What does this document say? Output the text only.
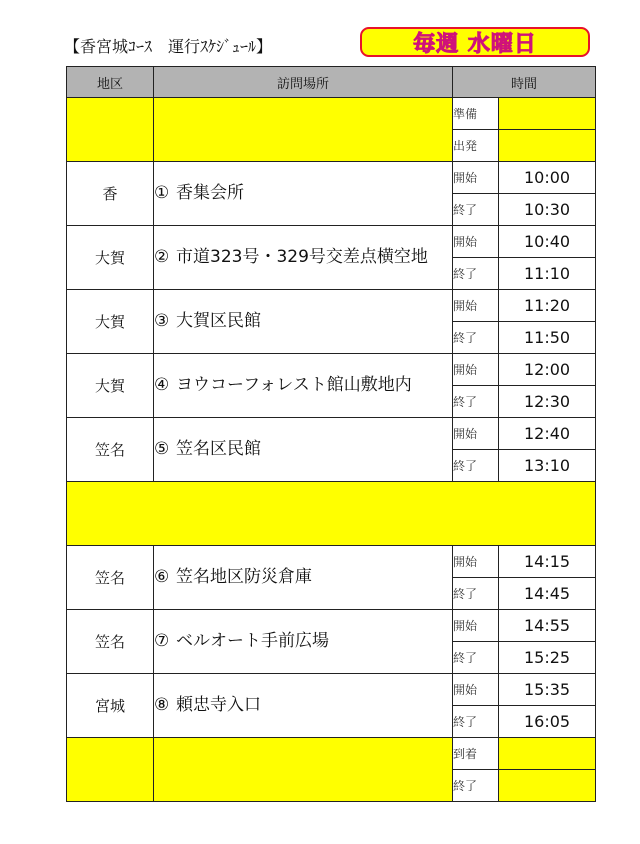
【香宮城ｺｰｽ　運行ｽｹｼﾞｭｰﾙ】	毎週 水曜日
地区	訪問場所	時間	
		準備	
		出発	
香	① 香集会所	開始	10:00
		終了	10:30
大賀	② 市道323号・329号交差点横空地	開始	10:40
		終了	11:10
大賀	③ 大賀区民館	開始	11:20
		終了	11:50
大賀	④ ヨウコーフォレスト館山敷地内	開始	12:00
		終了	12:30
笠名	⑤ 笠名区民館	開始	12:40
		終了	13:10

笠名	⑥ 笠名地区防災倉庫	開始	14:15
		終了	14:45
笠名	⑦ ベルオート手前広場	開始	14:55
		終了	15:25
宮城	⑧ 頼忠寺入口	開始	15:35
		終了	16:05
		到着	
		終了	
